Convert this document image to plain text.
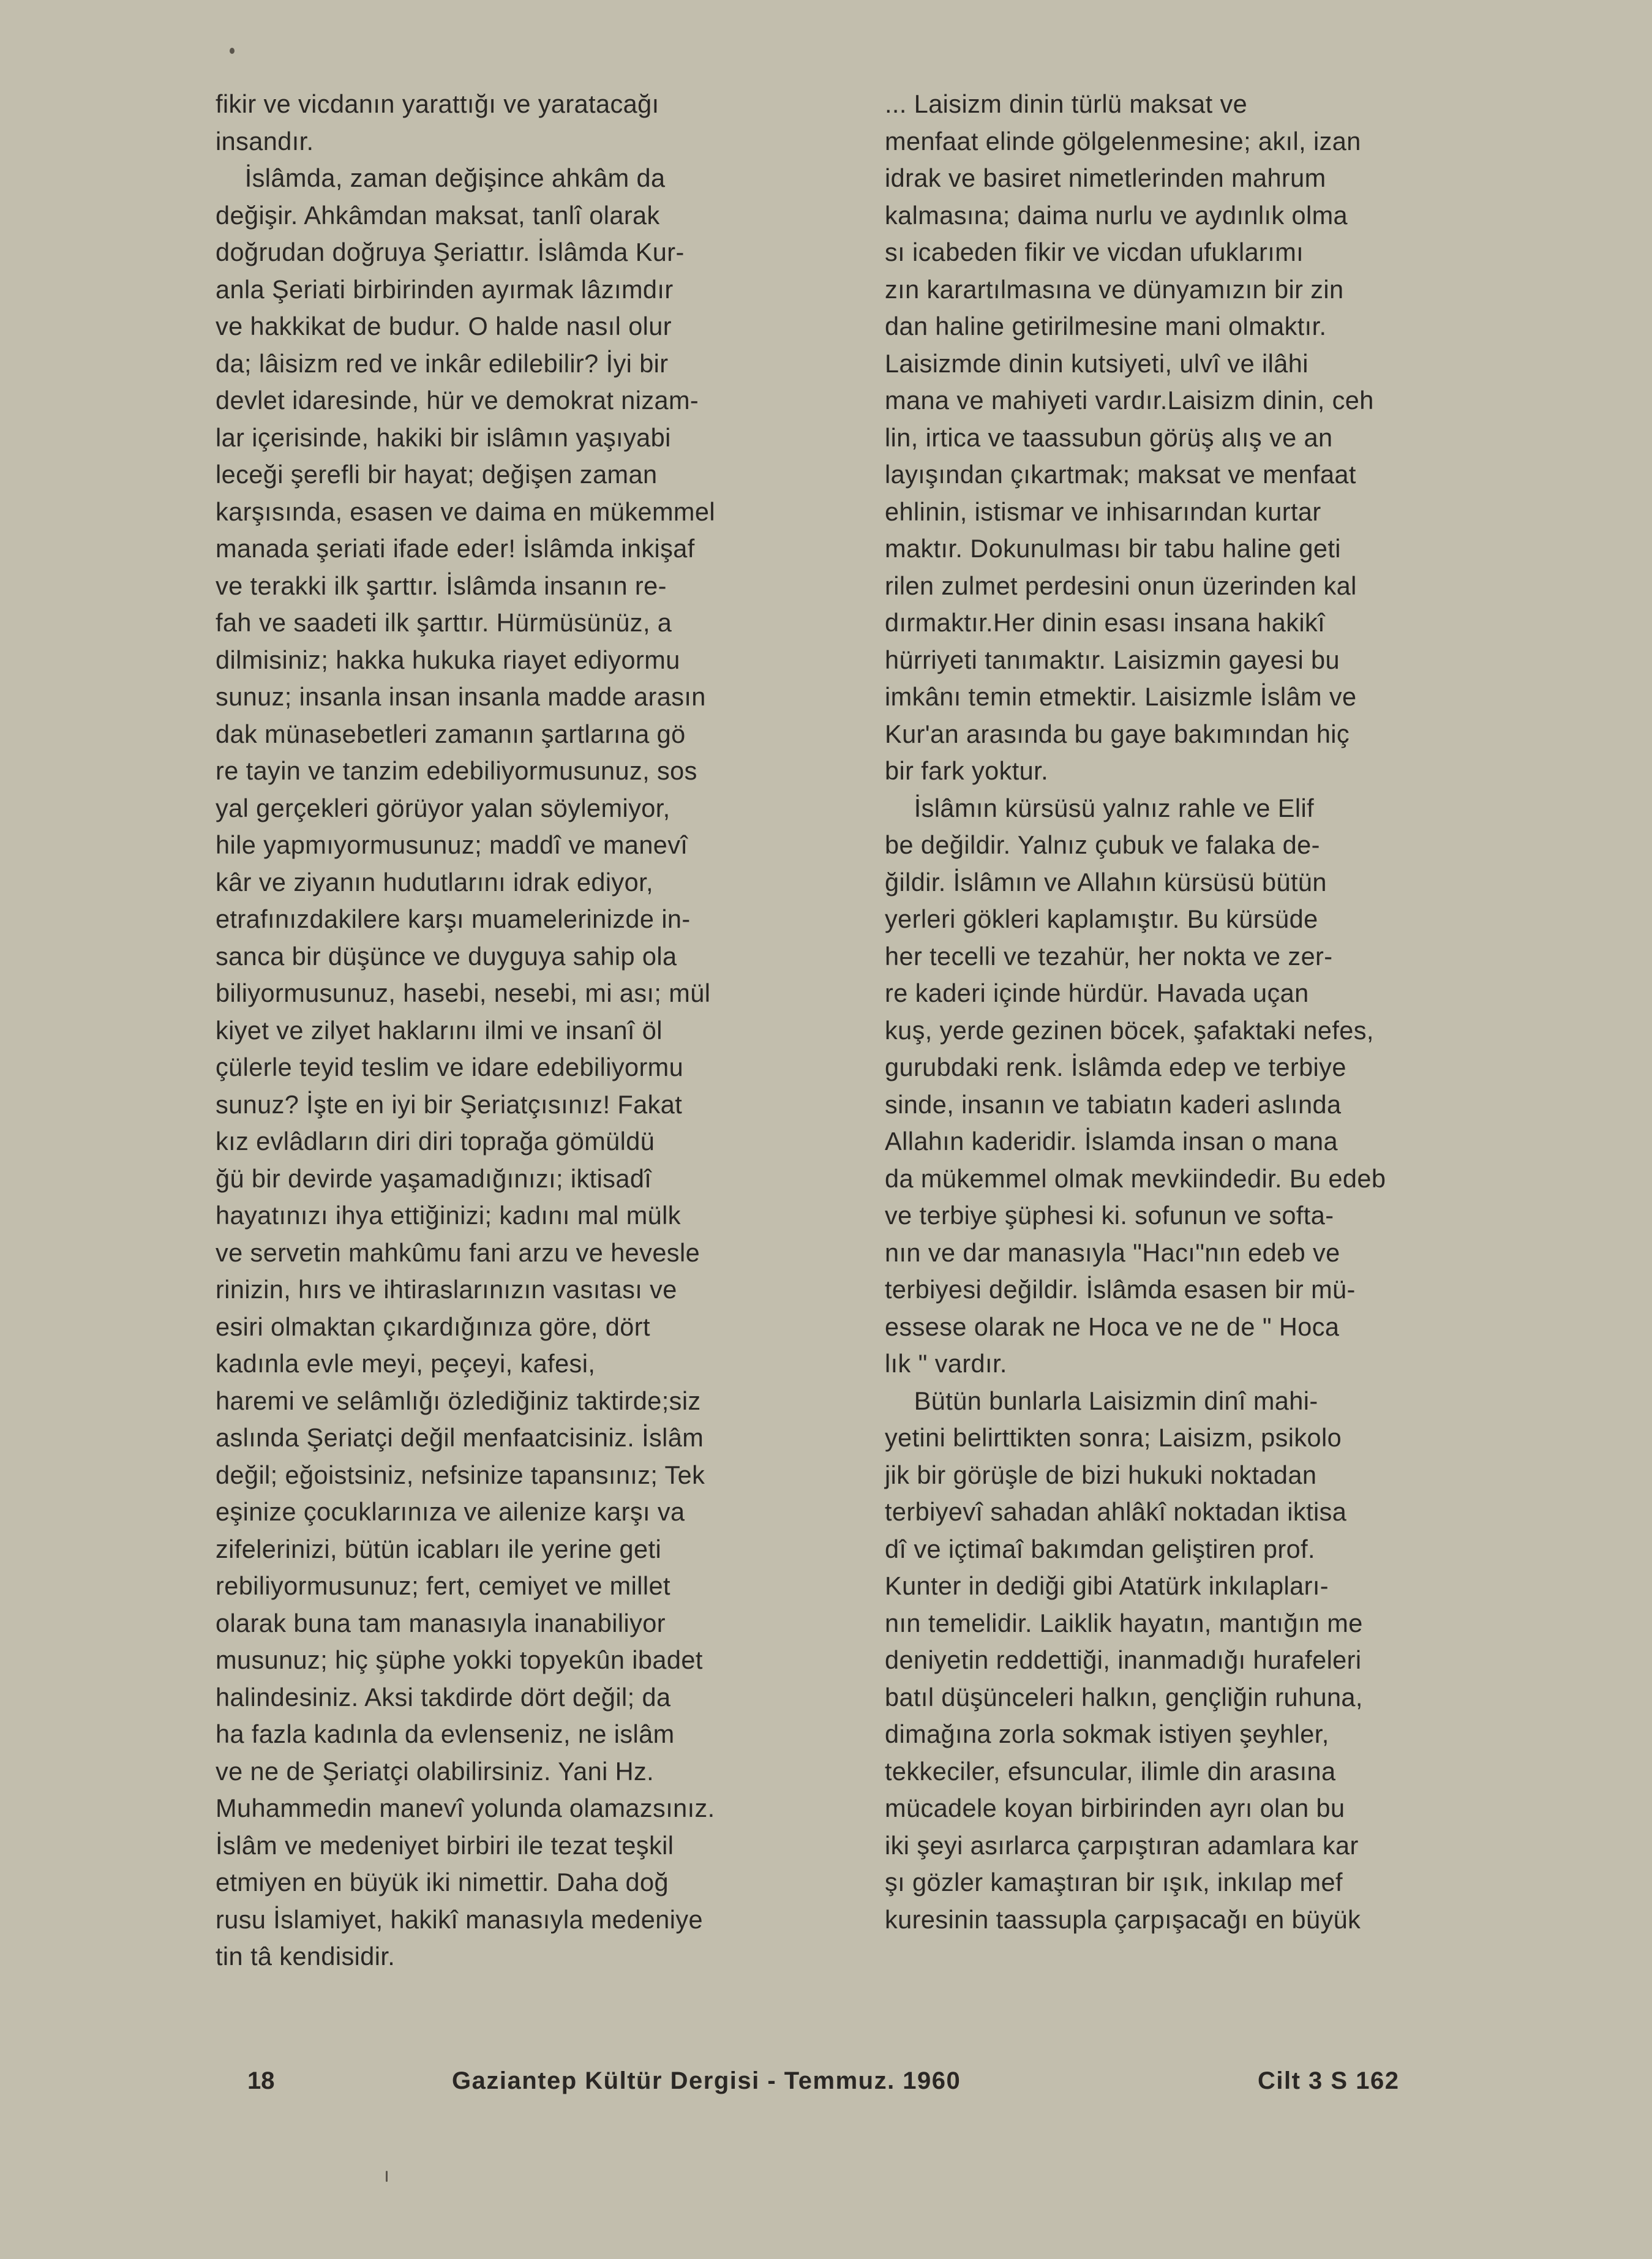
fikir ve vicdanın yarattığı ve yaratacağı
insandır.
İslâmda, zaman değişince ahkâm da
değişir. Ahkâmdan maksat, tanlî olarak
doğrudan doğruya Şeriattır. İslâmda Kur-
anla Şeriati birbirinden ayırmak lâzımdır
ve hakkikat de budur. O halde nasıl olur
da; lâisizm red ve inkâr edilebilir? İyi bir
devlet idaresinde, hür ve demokrat nizam-
lar içerisinde, hakiki bir islâmın yaşıyabi
leceği şerefli bir hayat; değişen zaman
karşısında, esasen ve daima en mükemmel
manada şeriati ifade eder! İslâmda inkişaf
ve terakki ilk şarttır. İslâmda insanın re-
fah ve saadeti ilk şarttır. Hürmüsünüz, a
dilmisiniz; hakka hukuka riayet ediyormu
sunuz; insanla insan insanla madde arasın
dak münasebetleri zamanın şartlarına gö
re tayin ve tanzim edebiliyormusunuz, sos
yal gerçekleri görüyor yalan söylemiyor,
hile yapmıyormusunuz; maddî ve manevî
kâr ve ziyanın hudutlarını idrak ediyor,
etrafınızdakilere karşı muamelerinizde in-
sanca bir düşünce ve duyguya sahip ola
biliyormusunuz, hasebi, nesebi, mi ası; mül
kiyet ve zilyet haklarını ilmi ve insanî öl
çülerle teyid teslim ve idare edebiliyormu
sunuz? İşte en iyi bir Şeriatçısınız! Fakat
kız evlâdların diri diri toprağa gömüldü
ğü bir devirde yaşamadığınızı; iktisadî
hayatınızı ihya ettiğinizi; kadını mal mülk
ve servetin mahkûmu fani arzu ve hevesle
rinizin, hırs ve ihtiraslarınızın vasıtası ve
esiri olmaktan çıkardığınıza göre, dört
kadınla evle meyi, peçeyi, kafesi,
haremi ve selâmlığı özlediğiniz taktirde;siz
aslında Şeriatçi değil menfaatcisiniz. İslâm
değil; eğoistsiniz, nefsinize tapansınız; Tek
eşinize çocuklarınıza ve ailenize karşı va
zifelerinizi, bütün icabları ile yerine geti
rebiliyormusunuz; fert, cemiyet ve millet
olarak buna tam manasıyla inanabiliyor
musunuz; hiç şüphe yokki topyekûn ibadet
halindesiniz. Aksi takdirde dört değil; da
ha fazla kadınla da evlenseniz, ne islâm
ve ne de Şeriatçi olabilirsiniz. Yani Hz.
Muhammedin manevî yolunda olamazsınız.
İslâm ve medeniyet birbiri ile tezat teşkil
etmiyen en büyük iki nimettir. Daha doğ
rusu İslamiyet, hakikî manasıyla medeniye
tin tâ kendisidir.
... Laisizm dinin türlü maksat ve
menfaat elinde gölgelenmesine; akıl, izan
idrak ve basiret nimetlerinden mahrum
kalmasına; daima nurlu ve aydınlık olma
sı icabeden fikir ve vicdan ufuklarımı
zın karartılmasına ve dünyamızın bir zin
dan haline getirilmesine mani olmaktır.
Laisizmde dinin kutsiyeti, ulvî ve ilâhi
mana ve mahiyeti vardır.Laisizm dinin, ceh
lin, irtica ve taassubun görüş alış ve an
layışından çıkartmak; maksat ve menfaat
ehlinin, istismar ve inhisarından kurtar
maktır. Dokunulması bir tabu haline geti
rilen zulmet perdesini onun üzerinden kal
dırmaktır.Her dinin esası insana hakikî
hürriyeti tanımaktır. Laisizmin gayesi bu
imkânı temin etmektir. Laisizmle İslâm ve
Kur'an arasında bu gaye bakımından hiç
bir fark yoktur.
İslâmın kürsüsü yalnız rahle ve Elif
be değildir. Yalnız çubuk ve falaka de-
ğildir. İslâmın ve Allahın kürsüsü bütün
yerleri gökleri kaplamıştır. Bu kürsüde
her tecelli ve tezahür, her nokta ve zer-
re kaderi içinde hürdür. Havada uçan
kuş, yerde gezinen böcek, şafaktaki nefes,
gurubdaki renk. İslâmda edep ve terbiye
sinde, insanın ve tabiatın kaderi aslında
Allahın kaderidir. İslamda insan o mana
da mükemmel olmak mevkiindedir. Bu edeb
ve terbiye şüphesi ki. sofunun ve softa-
nın ve dar manasıyla "Hacı"nın edeb ve
terbiyesi değildir. İslâmda esasen bir mü-
essese olarak ne Hoca ve ne de " Hoca
lık " vardır.
Bütün bunlarla Laisizmin dinî mahi-
yetini belirttikten sonra; Laisizm, psikolo
jik bir görüşle de bizi hukuki noktadan
terbiyevî sahadan ahlâkî noktadan iktisa
dî ve içtimaî bakımdan geliştiren prof.
Kunter in dediği gibi Atatürk inkılapları-
nın temelidir. Laiklik hayatın, mantığın me
deniyetin reddettiği, inanmadığı hurafeleri
batıl düşünceleri halkın, gençliğin ruhuna,
dimağına zorla sokmak istiyen şeyhler,
tekkeciler, efsuncular, ilimle din arasına
mücadele koyan birbirinden ayrı olan bu
iki şeyi asırlarca çarpıştıran adamlara kar
şı gözler kamaştıran bir ışık, inkılap mef
kuresinin taassupla çarpışacağı en büyük
18	Gaziantep Kültür Dergisi - Temmuz. 1960	Cilt 3 S 162
